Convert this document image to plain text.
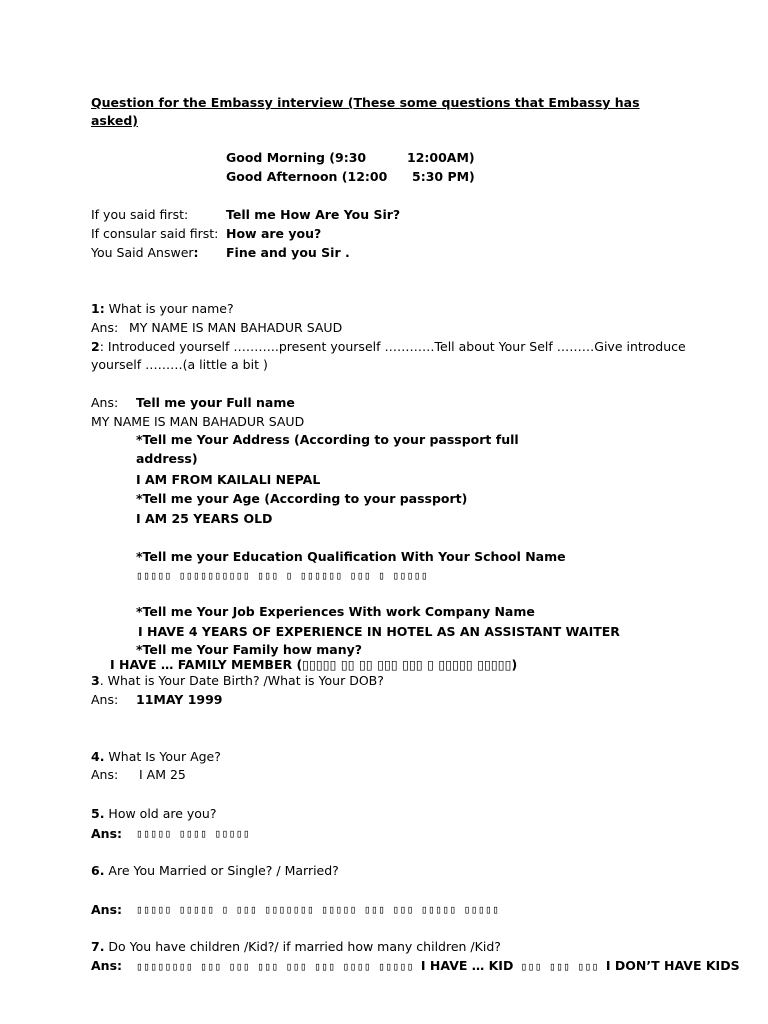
Question for the Embassy interview (These some questions that Embassy has
asked)
Good Morning (9:30	12:00AM)
Good Afternoon (12:00 5:30 PM)
If you said first:	Tell me How Are You Sir?
If consular said first: How are you?
You Said Answer: Fine and you Sir .
1: What is your name?
Ans: MY NAME IS MAN BAHADUR SAUD
2: Introduced yourself ………..present yourself …………Tell about Your Self ………Give introduce
yourself ………(a little a bit )
Ans: Tell me your Full name
MY NAME IS MAN BAHADUR SAUD
*Tell me Your Address (According to your passport full
address)
I AM FROM KAILALI NEPAL
*Tell me your Age (According to your passport)
I AM 25 YEARS OLD
*Tell me your Education Qualification With Your School Name
▯▯▯▯▯ ▯▯▯▯▯▯▯▯▯▯ ▯▯▯ ▯ ▯▯▯▯▯▯ ▯▯▯ ▯ ▯▯▯▯▯
*Tell me Your Job Experiences With work Company Name
I HAVE 4 YEARS OF EXPERIENCE IN HOTEL AS AN ASSISTANT WAITER
*Tell me Your Family how many?
I HAVE … FAMILY MEMBER (▯▯▯▯▯ ▯▯ ▯▯ ▯▯▯ ▯▯▯ ▯ ▯▯▯▯▯ ▯▯▯▯▯)
3. What is Your Date Birth? /What is Your DOB?
Ans: 11MAY 1999
4. What Is Your Age?
Ans: I AM 25
5. How old are you?
Ans: ▯▯▯▯▯ ▯▯▯▯ ▯▯▯▯▯
6. Are You Married or Single? / Married?
Ans: ▯▯▯▯▯ ▯▯▯▯▯ ▯ ▯▯▯ ▯▯▯▯▯▯▯ ▯▯▯▯▯ ▯▯▯ ▯▯▯ ▯▯▯▯▯ ▯▯▯▯▯
7. Do You have children /Kid?/ if married how many children /Kid?
Ans: ▯▯▯▯▯▯▯▯ ▯▯▯ ▯▯▯ ▯▯▯ ▯▯▯ ▯▯▯ ▯▯▯▯ ▯▯▯▯▯ I HAVE … KID ▯▯▯ ▯▯▯ ▯▯▯ I DON’T HAVE KIDS
